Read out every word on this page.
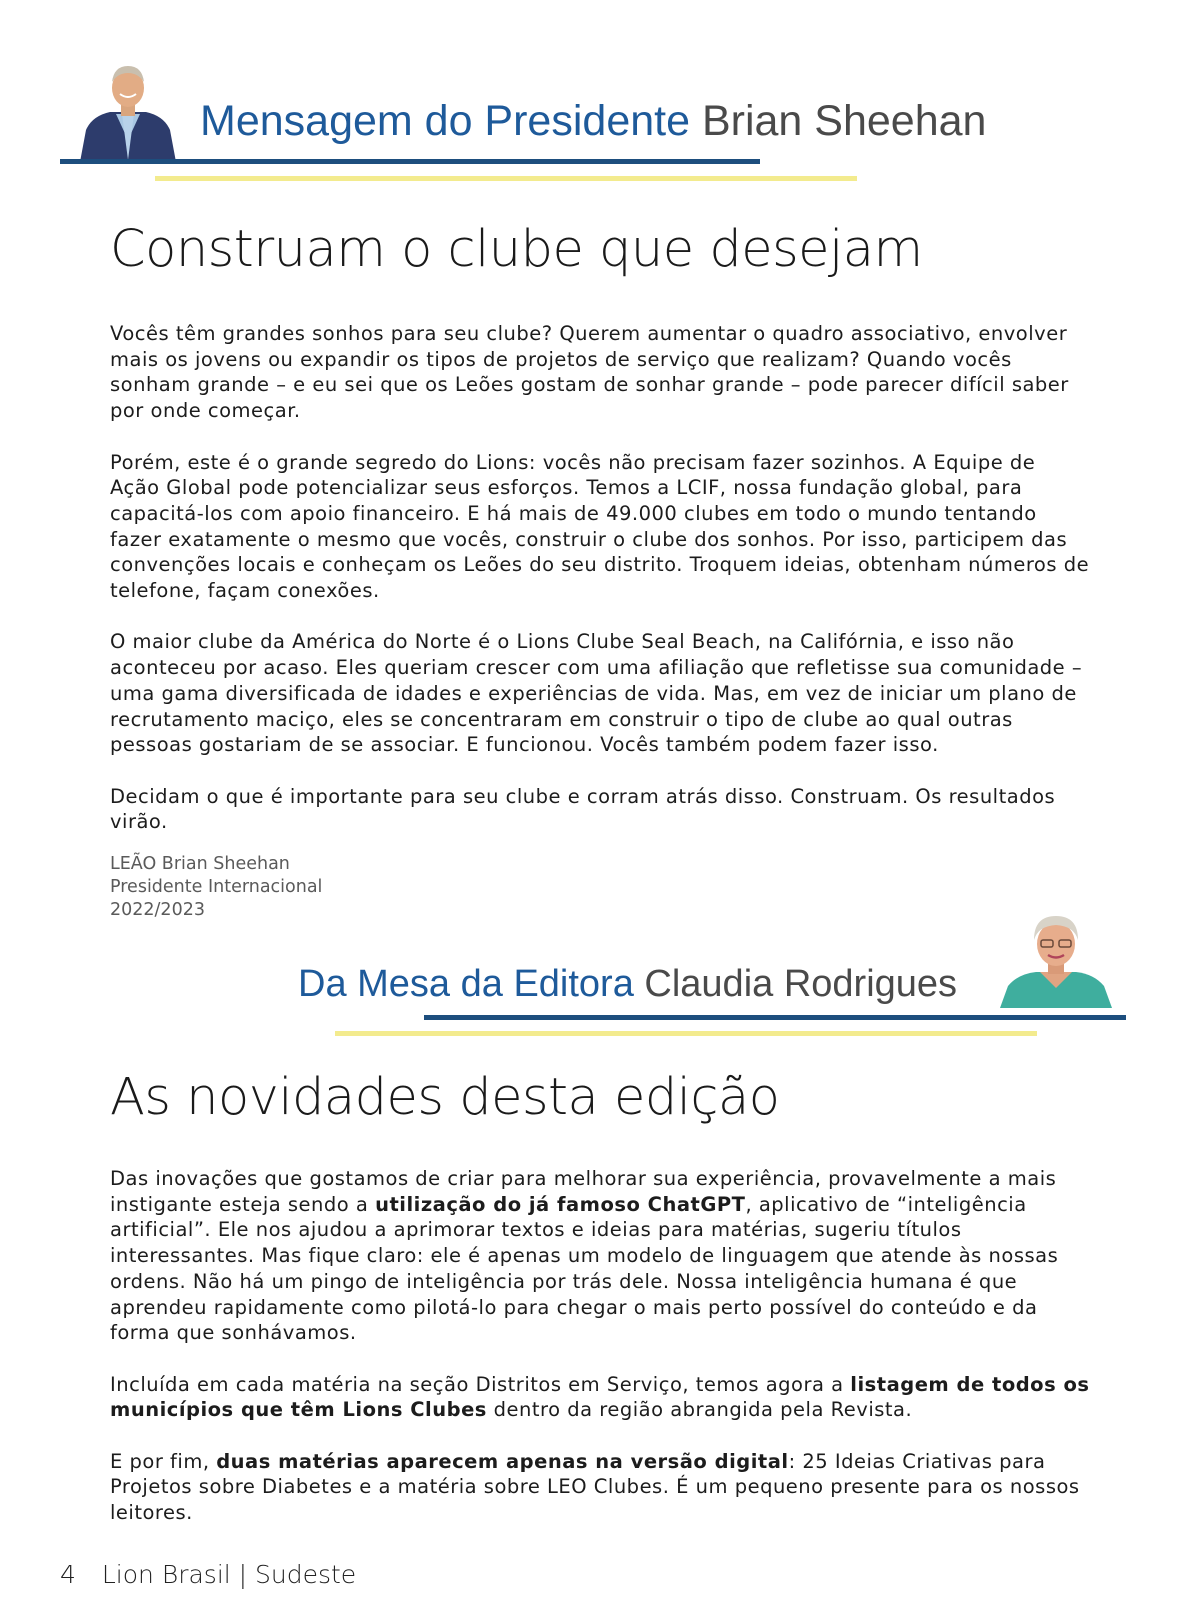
Mensagem do Presidente Brian Sheehan
Construam o clube que desejam

Vocês têm grandes sonhos para seu clube? Querem aumentar o quadro associativo, envolver mais os jovens ou expandir os tipos de projetos de serviço que realizam? Quando vocês sonham grande – e eu sei que os Leões gostam de sonhar grande – pode parecer difícil saber por onde começar.

Porém, este é o grande segredo do Lions: vocês não precisam fazer sozinhos. A Equipe de Ação Global pode potencializar seus esforços. Temos a LCIF, nossa fundação global, para capacitá-los com apoio financeiro. E há mais de 49.000 clubes em todo o mundo tentando fazer exatamente o mesmo que vocês, construir o clube dos sonhos. Por isso, participem das convenções locais e conheçam os Leões do seu distrito. Troquem ideias, obtenham números de telefone, façam conexões.

O maior clube da América do Norte é o Lions Clube Seal Beach, na Califórnia, e isso não aconteceu por acaso. Eles queriam crescer com uma afiliação que refletisse sua comunidade – uma gama diversificada de idades e experiências de vida. Mas, em vez de iniciar um plano de recrutamento maciço, eles se concentraram em construir o tipo de clube ao qual outras pessoas gostariam de se associar. E funcionou. Vocês também podem fazer isso.

Decidam o que é importante para seu clube e corram atrás disso. Construam. Os resultados virão.

LEÃO Brian Sheehan
Presidente Internacional
2022/2023
Da Mesa da Editora Claudia Rodrigues
As novidades desta edição

Das inovações que gostamos de criar para melhorar sua experiência, provavelmente a mais instigante esteja sendo a utilização do já famoso ChatGPT, aplicativo de “inteligência artificial”. Ele nos ajudou a aprimorar textos e ideias para matérias, sugeriu títulos interessantes. Mas fique claro: ele é apenas um modelo de linguagem que atende às nossas ordens. Não há um pingo de inteligência por trás dele. Nossa inteligência humana é que aprendeu rapidamente como pilotá-lo para chegar o mais perto possível do conteúdo e da forma que sonhávamos.

Incluída em cada matéria na seção Distritos em Serviço, temos agora a listagem de todos os municípios que têm Lions Clubes dentro da região abrangida pela Revista.

E por fim, duas matérias aparecem apenas na versão digital: 25 Ideias Criativas para Projetos sobre Diabetes e a matéria sobre LEO Clubes. É um pequeno presente para os nossos leitores.

4 Lion Brasil | Sudeste
